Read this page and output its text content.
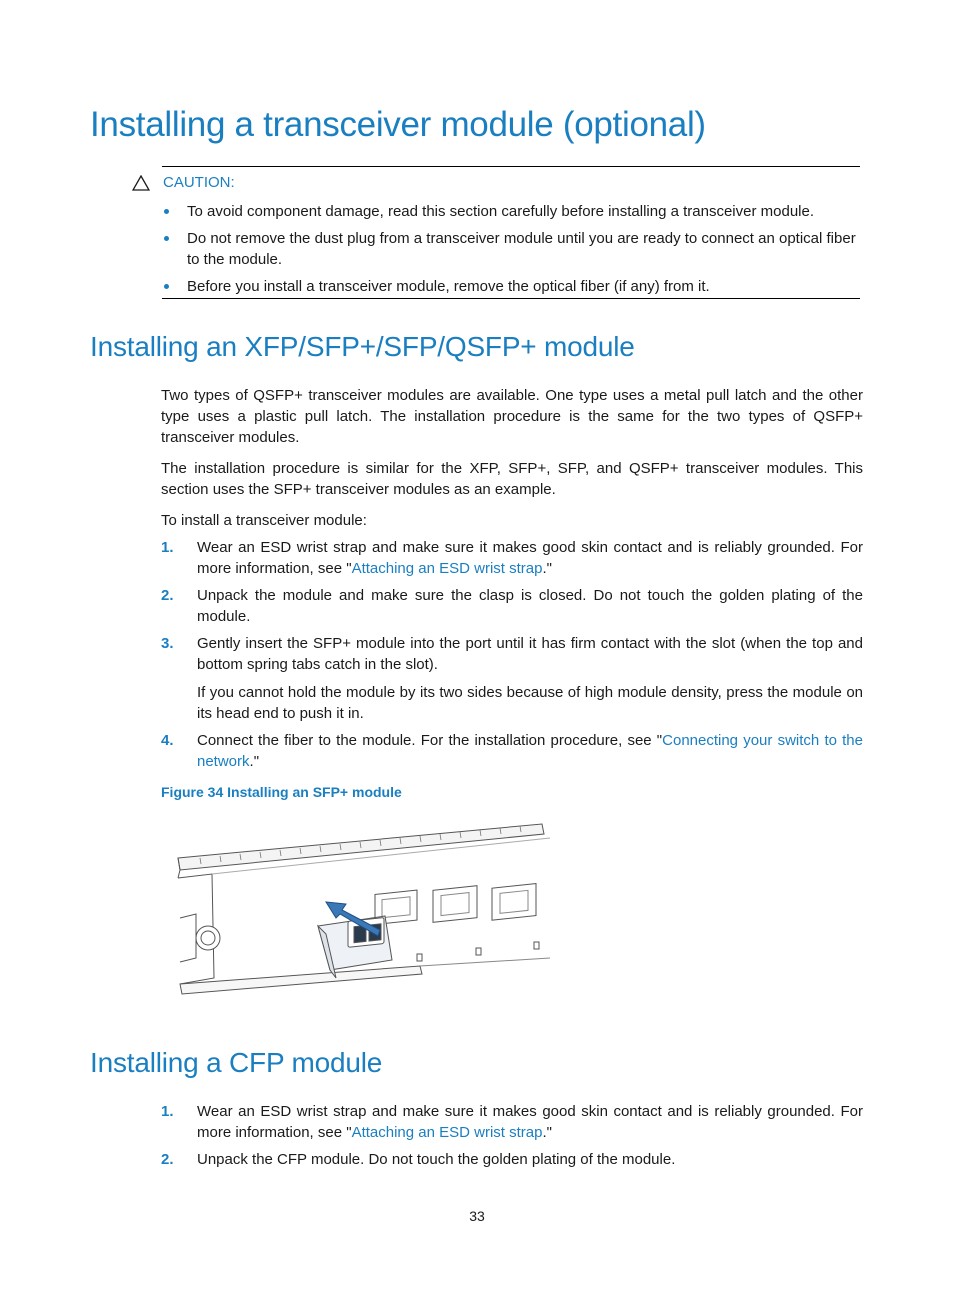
Installing a transceiver module (optional)
CAUTION:
To avoid component damage, read this section carefully before installing a transceiver module.
Do not remove the dust plug from a transceiver module until you are ready to connect an optical fiber to the module.
Before you install a transceiver module, remove the optical fiber (if any) from it.
Installing an XFP/SFP+/SFP/QSFP+ module

Two types of QSFP+ transceiver modules are available. One type uses a metal pull latch and the other type uses a plastic pull latch. The installation procedure is the same for the two types of QSFP+ transceiver modules.

The installation procedure is similar for the XFP, SFP+, SFP, and QSFP+ transceiver modules. This section uses the SFP+ transceiver modules as an example.

To install a transceiver module:

1. Wear an ESD wrist strap and make sure it makes good skin contact and is reliably grounded. For more information, see "Attaching an ESD wrist strap."
2. Unpack the module and make sure the clasp is closed. Do not touch the golden plating of the module.
3. Gently insert the SFP+ module into the port until it has firm contact with the slot (when the top and bottom spring tabs catch in the slot).
If you cannot hold the module by its two sides because of high module density, press the module on its head end to push it in.
4. Connect the fiber to the module. For the installation procedure, see "Connecting your switch to the network."
Figure 34 Installing an SFP+ module
Installing a CFP module
1. Wear an ESD wrist strap and make sure it makes good skin contact and is reliably grounded. For more information, see "Attaching an ESD wrist strap."
2. Unpack the CFP module. Do not touch the golden plating of the module.
33
